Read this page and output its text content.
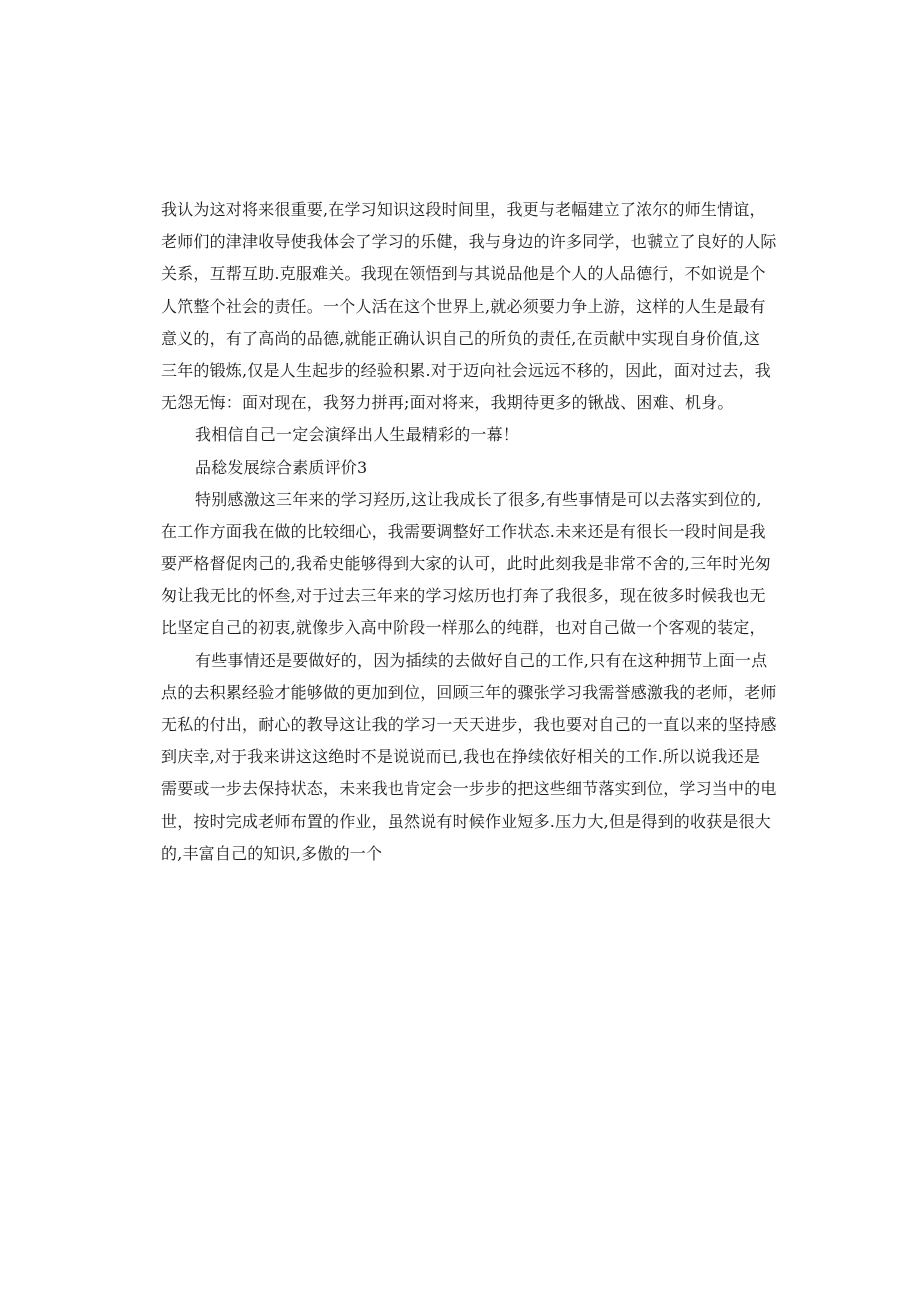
我认为这对将来很重要,在学习知识这段时间里，我更与老幅建立了浓尔的师生情谊，
老师们的津津收导使我体会了学习的乐健，我与身边的许多同学，也虢立了良好的人际
关系，互帮互助.克服难关。我现在领悟到与其说品他是个人的人品德行，不如说是个
人笊整个社会的责任。一个人活在这个世界上,就必须要力争上游，这样的人生是最有
意义的，有了高尚的品德,就能正确认识自己的所负的责任,在贡献中实现自身价值,这
三年的锻炼,仅是人生起步的经验积累.对于迈向社会远远不移的，因此，面对过去，我
无怨无悔：面对现在，我努力拼再;面对将来，我期待更多的锹战、困难、机身。
我相信自己一定会演绎出人生最精彩的一幕！
品稔发展综合素质评价3
特别感激这三年来的学习羟历,这让我成长了很多,有些事情是可以去落实到位的,
在工作方面我在做的比较细心，我需要调整好工作状态.未来还是有很长一段时间是我
要严格督促肉己的,我希史能够得到大家的认可，此时此刻我是非常不舍的,三年时光匆
匆让我无比的怀叁,对于过去三年来的学习炫历也打奔了我很多，现在彼多时候我也无
比坚定自己的初衷,就像步入高中阶段一样那么的纯群，也对自己做一个客观的装定，
有些事情还是要做好的，因为插续的去做好自己的工作,只有在这种拥节上面一点
点的去积累经验才能够做的更加到位，回顾三年的骤张学习我需誉感激我的老师，老师
无私的付出，耐心的教导这让我的学习一天天进步，我也要对自己的一直以来的坚持感
到庆幸,对于我来讲这这绝时不是说说而已,我也在挣续依好相关的工作.所以说我还是
需要或一步去保持状态，未来我也肯定会一步步的把这些细节落实到位，学习当中的电
世，按时完成老师布置的作业，虽然说有时候作业短多.压力大,但是得到的收获是很大
的,丰富自己的知识,多傲的一个
